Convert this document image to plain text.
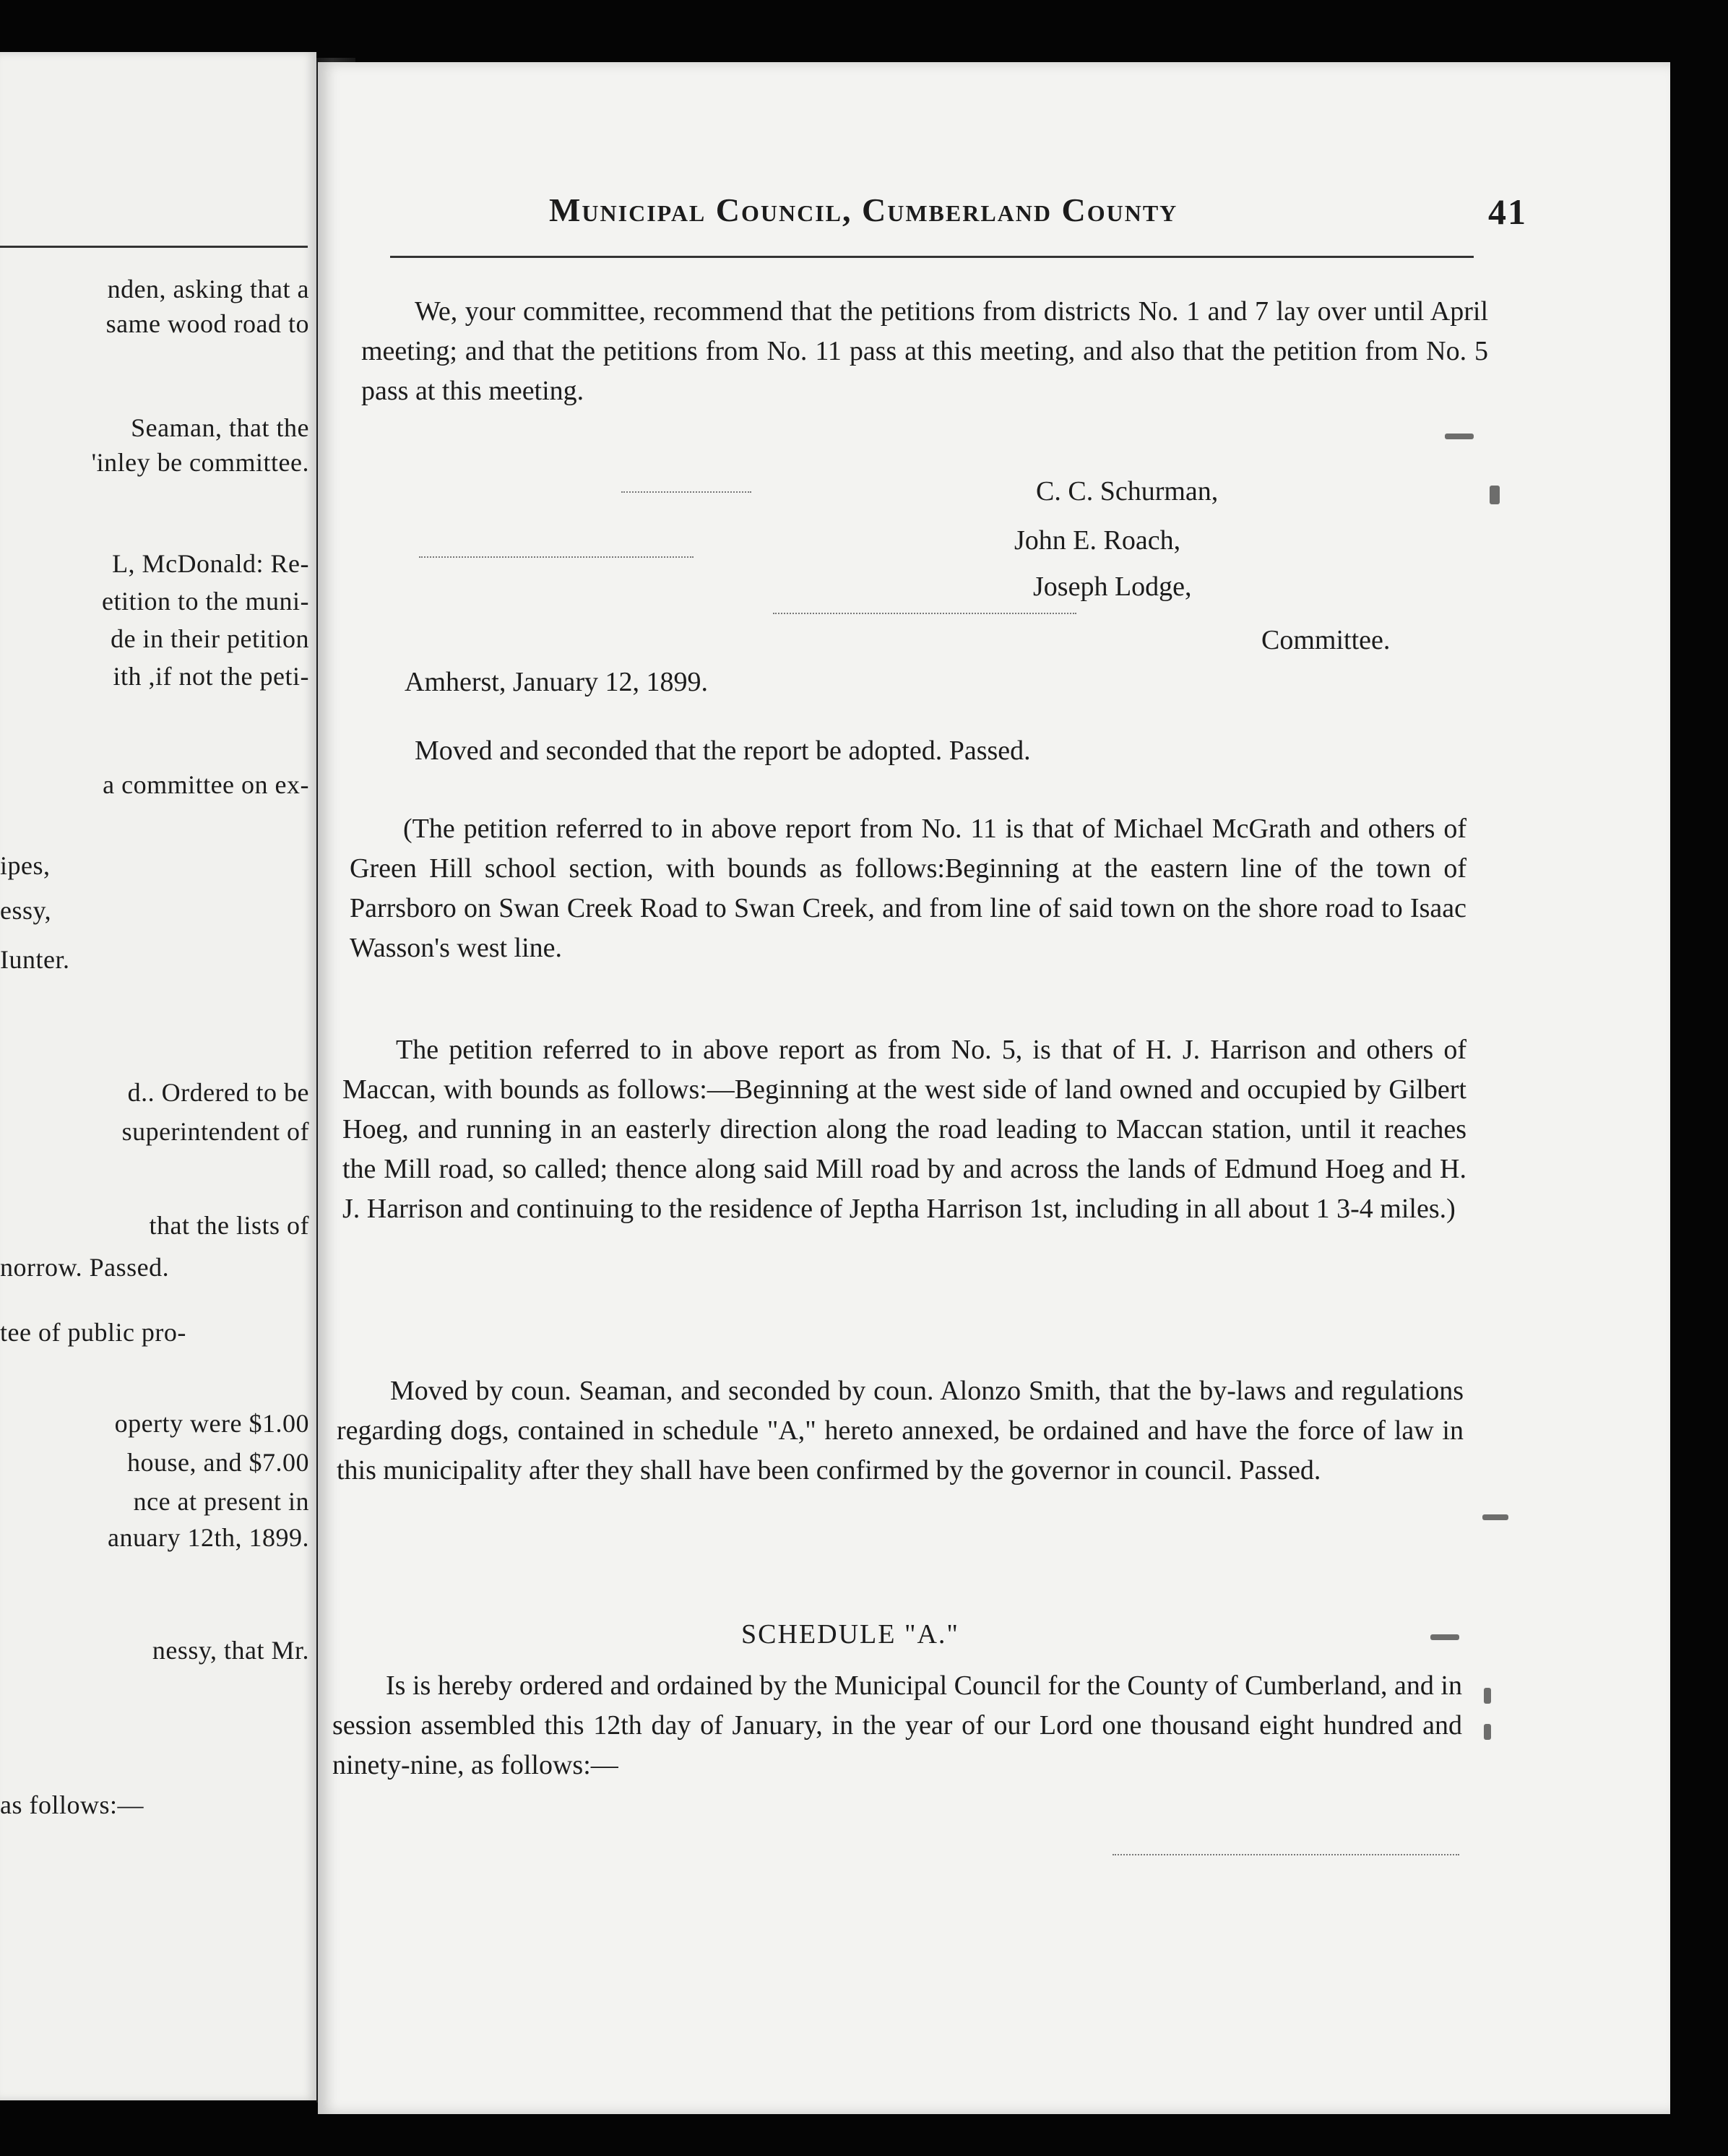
nden, asking that a
same wood road to
Seaman, that the
'inley be committee.
L, McDonald: Re-
etition to the muni-
de in their petition
ith ,if not the peti-
a committee on ex-
ipes,
essy,
Iunter.
d.. Ordered to be
superintendent of
that the lists of
norrow. Passed.
tee of public pro-
operty were $1.00
house, and $7.00
nce at present in
anuary 12th, 1899.
nessy, that Mr.
as follows:—
Municipal Council, Cumberland County	41

We, your committee, recommend that the petitions from districts No. 1 and 7 lay over until April meeting; and that the petitions from No. 11 pass at this meeting, and also that the petition from No. 5 pass at this meeting.

C. C. Schurman,
John E. Roach,
Joseph Lodge,
Committee.
Amherst, January 12, 1899.

Moved and seconded that the report be adopted. Passed.

(The petition referred to in above report from No. 11 is that of Michael McGrath and others of Green Hill school section, with bounds as follows:Beginning at the eastern line of the town of Parrsboro on Swan Creek Road to Swan Creek, and from line of said town on the shore road to Isaac Wasson's west line.

The petition referred to in above report as from No. 5, is that of H. J. Harrison and others of Maccan, with bounds as follows:—Beginning at the west side of land owned and occupied by Gilbert Hoeg, and running in an easterly direction along the road leading to Maccan station, until it reaches the Mill road, so called; thence along said Mill road by and across the lands of Edmund Hoeg and H. J. Harrison and continuing to the residence of Jeptha Harrison 1st, including in all about 1 3-4 miles.)

Moved by coun. Seaman, and seconded by coun. Alonzo Smith, that the by-laws and regulations regarding dogs, contained in schedule "A," hereto annexed, be ordained and have the force of law in this municipality after they shall have been confirmed by the governor in council. Passed.

SCHEDULE "A."

Is is hereby ordered and ordained by the Municipal Council for the County of Cumberland, and in session assembled this 12th day of January, in the year of our Lord one thousand eight hundred and ninety-nine, as follows:—
